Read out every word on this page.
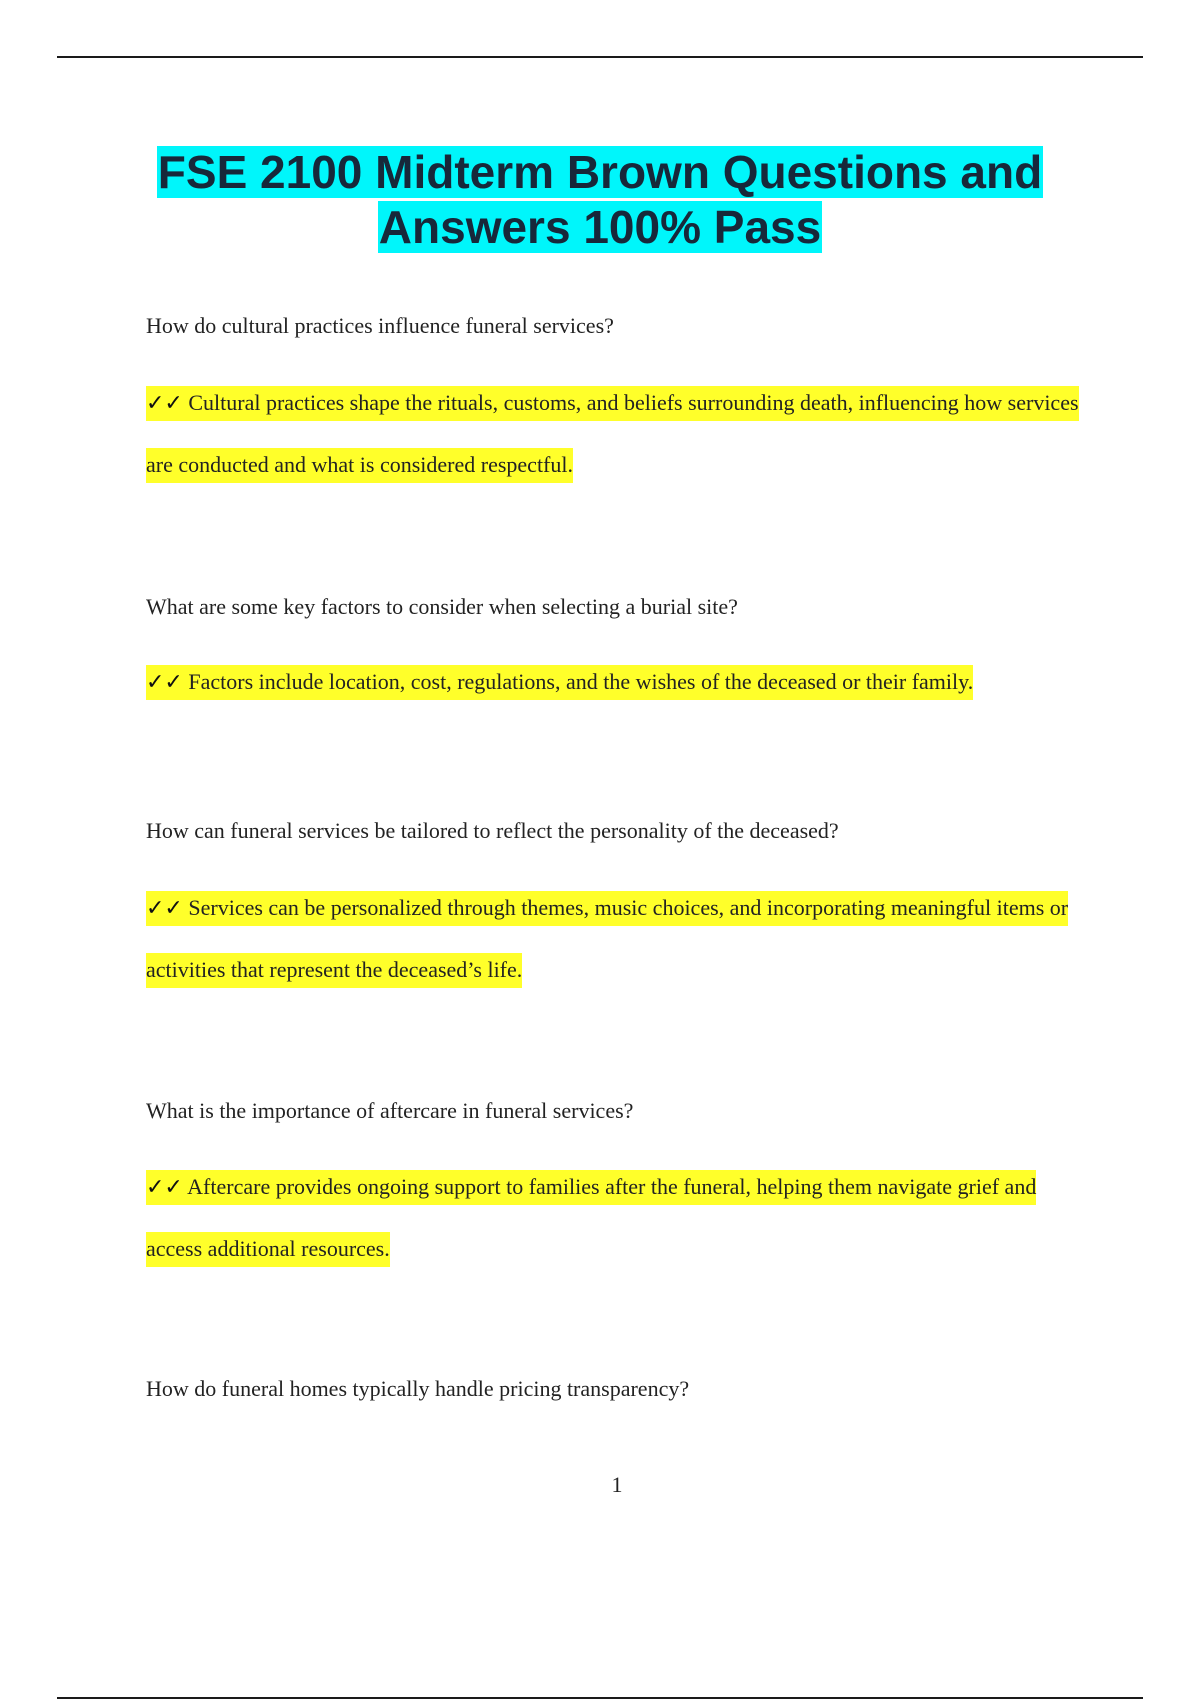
FSE 2100 Midterm Brown Questions and Answers 100% Pass

How do cultural practices influence funeral services?

✓✓ Cultural practices shape the rituals, customs, and beliefs surrounding death, influencing how services are conducted and what is considered respectful.

What are some key factors to consider when selecting a burial site?

✓✓ Factors include location, cost, regulations, and the wishes of the deceased or their family.

How can funeral services be tailored to reflect the personality of the deceased?

✓✓ Services can be personalized through themes, music choices, and incorporating meaningful items or activities that represent the deceased’s life.

What is the importance of aftercare in funeral services?

✓✓ Aftercare provides ongoing support to families after the funeral, helping them navigate grief and access additional resources.

How do funeral homes typically handle pricing transparency?

1
